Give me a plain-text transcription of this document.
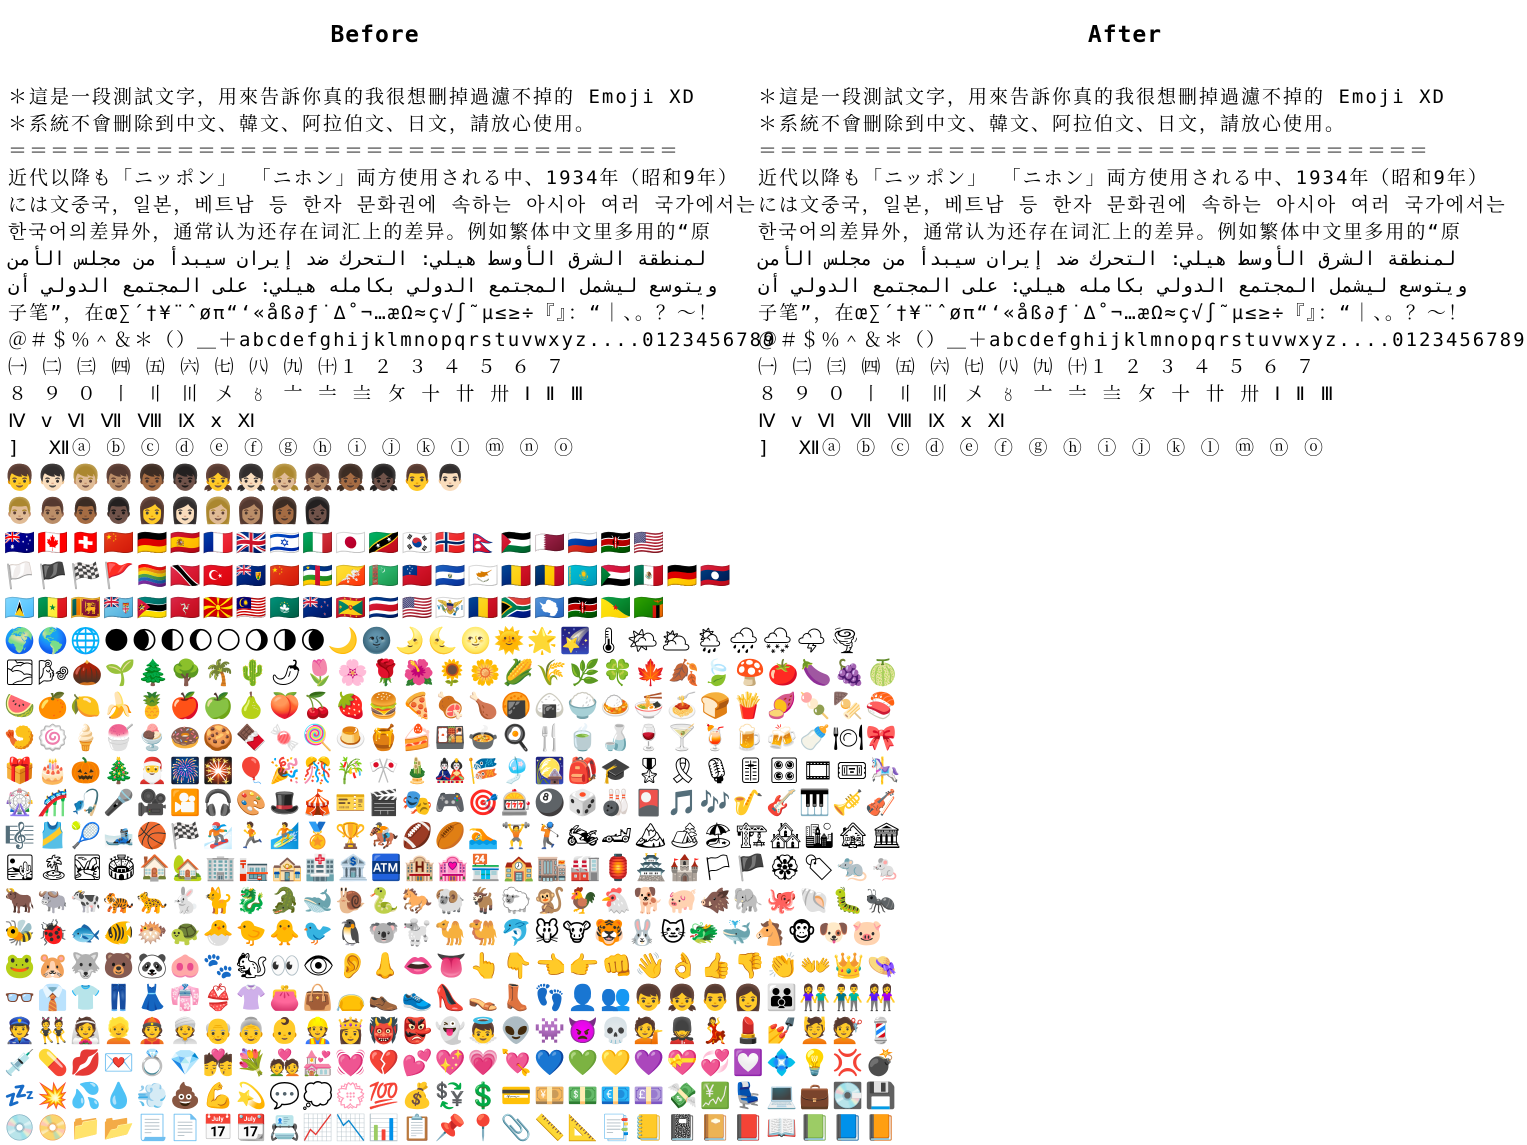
Before
＊這是一段測試文字，用來告訴你真的我很想刪掉過濾不掉的 Emoji XD
＊系統不會刪除到中文、韓文、阿拉伯文、日文，請放心使用。
＝＝＝＝＝＝＝＝＝＝＝＝＝＝＝＝＝＝＝＝＝＝＝＝＝＝＝＝＝＝＝＝
近代以降も「ニッポン」 「ニホン」両方使用される中、1934年（昭和9年）
には文중국，일본，베트남 등 한자 문화권에 속하는 아시아 여러 국가에서는
한국어의差异外，通常认为还存在词汇上的差异。例如繁体中文里多用的“原
لمنطقة الشرق الأوسط هيلي: التحرك ضد إيران سيبدأ من مجلس الأمن
ويتوسع ليشمل المجتمع الدولي بكامله هيلي: على المجتمع الدولي أن
子笔”，在œ∑´†¥¨ˆøπ“‘«åß∂ƒ˙∆˚¬…æΩ≈ç√∫˜µ≤≥÷『』：“｜、。？～！
＠＃＄％＾＆＊（）＿＋abcdefghijklmnopqrstuvwxyz....0123456789
㈠ ㈡ ㈢ ㈣ ㈤ ㈥ ㈦ ㈧ ㈨ ㈩１ ２ ３ ４ ５ ６ ７
８ ９ ０ 〡 〢 〣 〤 〥 〦 〧 〨 〩 〸 〹 〺 Ⅰ Ⅱ Ⅲ
Ⅳ ⅴ Ⅵ Ⅶ Ⅷ Ⅸ ⅹ Ⅺ
]  Ⅻⓐ ⓑ ⓒ ⓓ ⓔ ⓕ ⓖ ⓗ ⓘ ⓙ ⓚ ⓛ ⓜ ⓝ ⓞ
👦👦🏻👦🏼👦🏽👦🏾👦🏿👧👧🏻👧🏼👧🏽👧🏾👧🏿👨👨🏻
👨🏼👨🏽👨🏾👨🏿👩👩🏻👩🏼👩🏽👩🏾👩🏿
🇦🇺🇨🇦🇨🇭🇨🇳🇩🇪🇪🇸🇫🇷🇬🇧🇮🇱🇮🇹🇯🇵🇰🇳🇰🇷🇳🇴🇳🇵🇵🇸🇶🇦🇷🇺🇰🇪🇺🇸
🏳️🏴🏁🚩🏳️‍🌈🇹🇹🇹🇷🇹🇨🇨🇳🇨🇫🇧🇹🇹🇲🇼🇸🇸🇻🇨🇾🇷🇴🇹🇩🇰🇿🇸🇩🇲🇽🇩🇪🇱🇦
🇱🇨🇸🇳🇱🇰🇫🇯🇲🇿🇮🇲🇲🇰🇲🇾🇲🇴🇳🇿🇬🇩🇨🇷🇺🇸🇻🇮🇷🇴🇿🇦🇦🇶🇰🇪🇬🇫🇿🇲
🌍🌎🌐🌑🌒🌓🌔🌕🌖🌗🌘🌙🌚🌛🌜🌝🌞🌟🌠🌡🌤🌥🌦🌧🌨🌩🌪
🌫🌬🌰🌱🌲🌳🌴🌵🌶🌷🌸🌹🌺🌻🌼🌽🌾🌿🍀🍁🍂🍃🍄🍅🍆🍇🍈
🍉🍊🍋🍌🍍🍎🍏🍐🍑🍒🍓🍔🍕🍖🍗🍘🍙🍚🍛🍜🍝🍞🍟🍠🍡🍢🍣
🍤🍥🍦🍧🍨🍩🍪🍫🍬🍭🍮🍯🍰🍱🍲🍳🍴🍵🍶🍷🍸🍹🍺🍻🍼🍽🎀
🎁🎂🎃🎄🎅🎆🎇🎈🎉🎊🎋🎌🎍🎎🎏🎐🎑🎒🎓🎖🎗🎙🎚🎛🎞🎟🎠
🎡🎢🎣🎤🎥🎦🎧🎨🎩🎪🎫🎬🎭🎮🎯🎰🎱🎲🎳🎴🎵🎶🎷🎸🎹🎺🎻
🎼🎽🎾🎿🏀🏁🏂🏃🏄🏅🏆🏇🏈🏉🏊🏋🏌🏍🏎🏔🏕🏖🏗🏘🏙🏚🏛
🏜🏝🏞🏟🏠🏡🏢🏣🏤🏥🏦🏧🏨🏩🏪🏫🏬🏭🏮🏯🏰🏳🏴🏵🏷🐀🐁
🐂🐃🐄🐅🐆🐇🐈🐉🐊🐋🐌🐍🐎🐏🐐🐑🐒🐓🐔🐕🐖🐗🐘🐙🐚🐛🐜
🐝🐞🐟🐠🐡🐢🐣🐤🐥🐦🐧🐨🐩🐪🐫🐬🐭🐮🐯🐰🐱🐲🐳🐴🐵🐶🐷
🐸🐹🐺🐻🐼🐽🐾🐿👀👁👂👃👄👅👆👇👈👉👊👋👌👍👎👏👐👑👒
👓👔👕👖👗👘👙👚👛👜👝👞👟👠👡👢👣👤👥👦👧👨👩👪👫👬👭
👮👯👰👱👲👳👴👵👶👷👸👹👺👻👼👽👾👿💀💁💂💃💄💅💆💇💈
💉💊💋💌💍💎💏💐💑💒💓💔💕💖💗💘💙💚💛💜💝💞💟💠💡💢💣
💤💥💦💧💨💩💪💫💬💭💮💯💰💱💲💳💴💵💶💷💸💹💺💻💼💽💾
💿📀📁📂📃📄📅📆📇📈📉📊📋📌📍📎📏📐📑📒📓📔📕📖📗📘📙
After
＊這是一段測試文字，用來告訴你真的我很想刪掉過濾不掉的 Emoji XD
＊系統不會刪除到中文、韓文、阿拉伯文、日文，請放心使用。
＝＝＝＝＝＝＝＝＝＝＝＝＝＝＝＝＝＝＝＝＝＝＝＝＝＝＝＝＝＝＝＝
近代以降も「ニッポン」 「ニホン」両方使用される中、1934年（昭和9年）
には文중국，일본，베트남 등 한자 문화권에 속하는 아시아 여러 국가에서는
한국어의差异外，通常认为还存在词汇上的差异。例如繁体中文里多用的“原
لمنطقة الشرق الأوسط هيلي: التحرك ضد إيران سيبدأ من مجلس الأمن
ويتوسع ليشمل المجتمع الدولي بكامله هيلي: على المجتمع الدولي أن
子笔”，在œ∑´†¥¨ˆøπ“‘«åß∂ƒ˙∆˚¬…æΩ≈ç√∫˜µ≤≥÷『』：“｜、。？～！
＠＃＄％＾＆＊（）＿＋abcdefghijklmnopqrstuvwxyz....0123456789
㈠ ㈡ ㈢ ㈣ ㈤ ㈥ ㈦ ㈧ ㈨ ㈩１ ２ ３ ４ ５ ６ ７
８ ９ ０ 〡 〢 〣 〤 〥 〦 〧 〨 〩 〸 〹 〺 Ⅰ Ⅱ Ⅲ
Ⅳ ⅴ Ⅵ Ⅶ Ⅷ Ⅸ ⅹ Ⅺ
]  Ⅻⓐ ⓑ ⓒ ⓓ ⓔ ⓕ ⓖ ⓗ ⓘ ⓙ ⓚ ⓛ ⓜ ⓝ ⓞ
